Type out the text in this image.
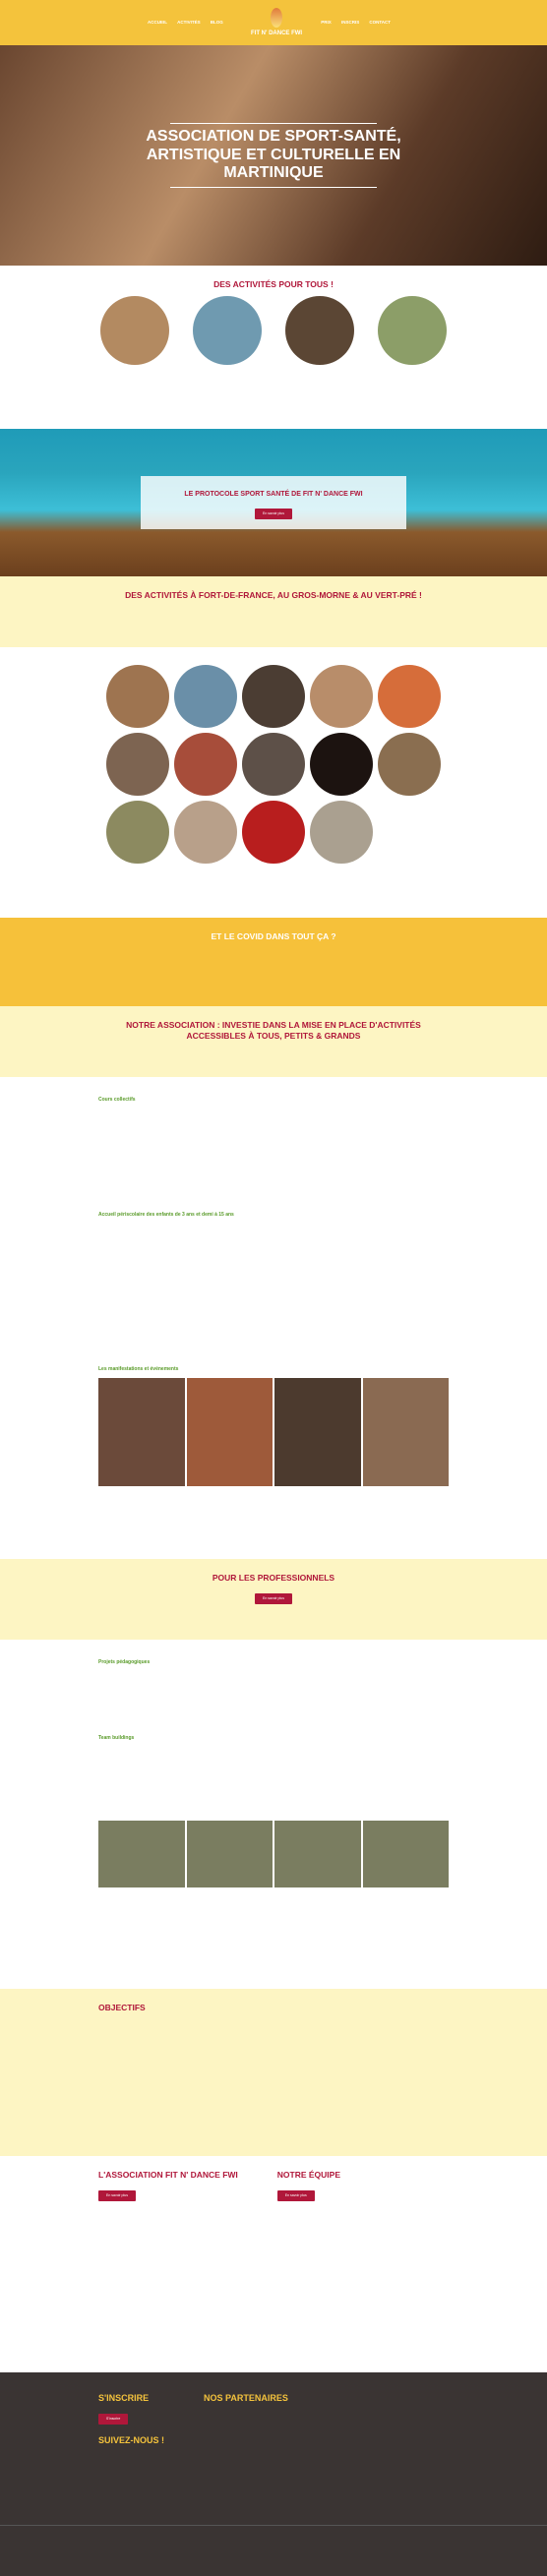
ACCUEIL ACTIVITÉS BLOG
FIT N' DANCE FWI
PRIX INSCRIS CONTACT
ASSOCIATION DE SPORT-SANTÉ, ARTISTIQUE ET CULTURELLE EN MARTINIQUE
DES ACTIVITÉS POUR TOUS !
LE PROTOCOLE SPORT SANTÉ DE FIT N' DANCE FWI
En savoir plus
DES ACTIVITÉS À FORT-DE-FRANCE, AU GROS-MORNE & AU VERT-PRÉ !
ET LE COVID DANS TOUT ÇA ?
NOTRE ASSOCIATION : INVESTIE DANS LA MISE EN PLACE D'ACTIVITÉS ACCESSIBLES À TOUS, PETITS & GRANDS
Cours collectifs
Accueil périscolaire des enfants de 3 ans et demi à 15 ans
Les manifestations et événements
POUR LES PROFESSIONNELS
En savoir plus
Projets pédagogiques
Team buildings
OBJECTIFS
L'ASSOCIATION FIT N' DANCE FWI
En savoir plus
NOTRE ÉQUIPE
En savoir plus
S'INSCRIRE
S'inscrire
SUIVEZ-NOUS !
NOS PARTENAIRES
